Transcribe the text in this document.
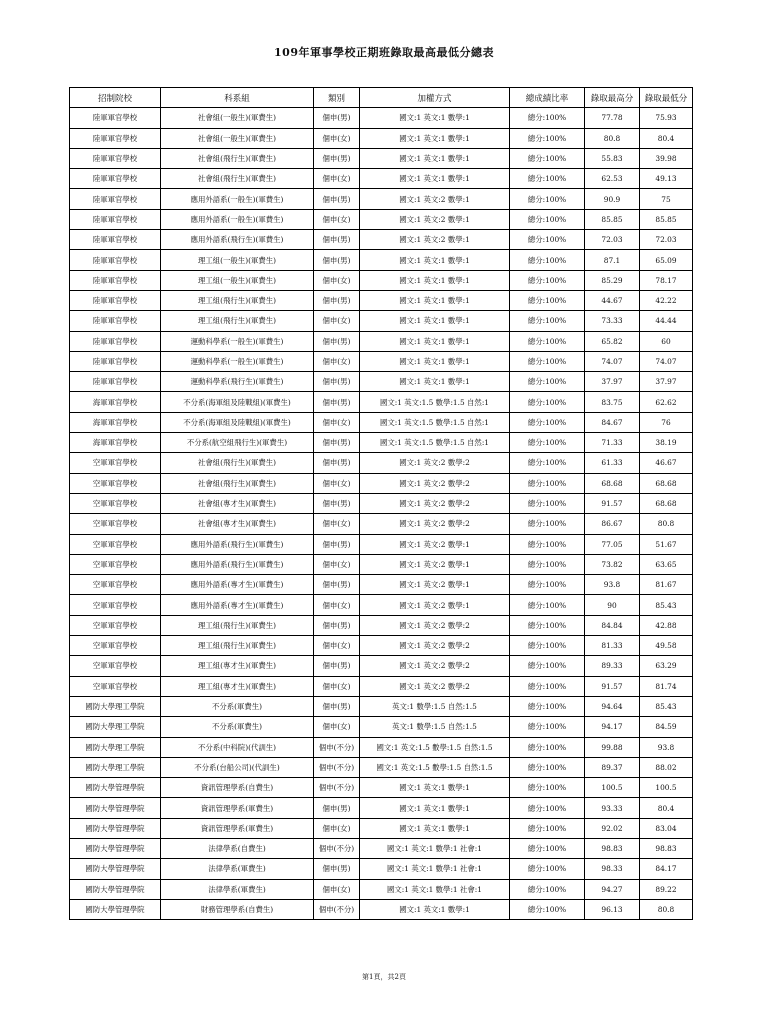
109年軍事學校正期班錄取最高最低分總表
招制院校	科系組	類別	加權方式	總成績比率	錄取最高分	錄取最低分
陸軍軍官學校	社會組(一般生)(軍費生)	個申(男)	國文:1 英文:1 數學:1	總分:100%	77.78	75.93
陸軍軍官學校	社會組(一般生)(軍費生)	個申(女)	國文:1 英文:1 數學:1	總分:100%	80.8	80.4
陸軍軍官學校	社會組(飛行生)(軍費生)	個申(男)	國文:1 英文:1 數學:1	總分:100%	55.83	39.98
陸軍軍官學校	社會組(飛行生)(軍費生)	個申(女)	國文:1 英文:1 數學:1	總分:100%	62.53	49.13
陸軍軍官學校	應用外語系(一般生)(軍費生)	個申(男)	國文:1 英文:2 數學:1	總分:100%	90.9	75
陸軍軍官學校	應用外語系(一般生)(軍費生)	個申(女)	國文:1 英文:2 數學:1	總分:100%	85.85	85.85
陸軍軍官學校	應用外語系(飛行生)(軍費生)	個申(男)	國文:1 英文:2 數學:1	總分:100%	72.03	72.03
陸軍軍官學校	理工組(一般生)(軍費生)	個申(男)	國文:1 英文:1 數學:1	總分:100%	87.1	65.09
陸軍軍官學校	理工組(一般生)(軍費生)	個申(女)	國文:1 英文:1 數學:1	總分:100%	85.29	78.17
陸軍軍官學校	理工組(飛行生)(軍費生)	個申(男)	國文:1 英文:1 數學:1	總分:100%	44.67	42.22
陸軍軍官學校	理工組(飛行生)(軍費生)	個申(女)	國文:1 英文:1 數學:1	總分:100%	73.33	44.44
陸軍軍官學校	運動科學系(一般生)(軍費生)	個申(男)	國文:1 英文:1 數學:1	總分:100%	65.82	60
陸軍軍官學校	運動科學系(一般生)(軍費生)	個申(女)	國文:1 英文:1 數學:1	總分:100%	74.07	74.07
陸軍軍官學校	運動科學系(飛行生)(軍費生)	個申(男)	國文:1 英文:1 數學:1	總分:100%	37.97	37.97
海軍軍官學校	不分系(海軍組及陸戰組)(軍費生)	個申(男)	國文:1 英文:1.5 數學:1.5 自然:1	總分:100%	83.75	62.62
海軍軍官學校	不分系(海軍組及陸戰組)(軍費生)	個申(女)	國文:1 英文:1.5 數學:1.5 自然:1	總分:100%	84.67	76
海軍軍官學校	不分系(航空組飛行生)(軍費生)	個申(男)	國文:1 英文:1.5 數學:1.5 自然:1	總分:100%	71.33	38.19
空軍軍官學校	社會組(飛行生)(軍費生)	個申(男)	國文:1 英文:2 數學:2	總分:100%	61.33	46.67
空軍軍官學校	社會組(飛行生)(軍費生)	個申(女)	國文:1 英文:2 數學:2	總分:100%	68.68	68.68
空軍軍官學校	社會組(專才生)(軍費生)	個申(男)	國文:1 英文:2 數學:2	總分:100%	91.57	68.68
空軍軍官學校	社會組(專才生)(軍費生)	個申(女)	國文:1 英文:2 數學:2	總分:100%	86.67	80.8
空軍軍官學校	應用外語系(飛行生)(軍費生)	個申(男)	國文:1 英文:2 數學:1	總分:100%	77.05	51.67
空軍軍官學校	應用外語系(飛行生)(軍費生)	個申(女)	國文:1 英文:2 數學:1	總分:100%	73.82	63.65
空軍軍官學校	應用外語系(專才生)(軍費生)	個申(男)	國文:1 英文:2 數學:1	總分:100%	93.8	81.67
空軍軍官學校	應用外語系(專才生)(軍費生)	個申(女)	國文:1 英文:2 數學:1	總分:100%	90	85.43
空軍軍官學校	理工組(飛行生)(軍費生)	個申(男)	國文:1 英文:2 數學:2	總分:100%	84.84	42.88
空軍軍官學校	理工組(飛行生)(軍費生)	個申(女)	國文:1 英文:2 數學:2	總分:100%	81.33	49.58
空軍軍官學校	理工組(專才生)(軍費生)	個申(男)	國文:1 英文:2 數學:2	總分:100%	89.33	63.29
空軍軍官學校	理工組(專才生)(軍費生)	個申(女)	國文:1 英文:2 數學:2	總分:100%	91.57	81.74
國防大學理工學院	不分系(軍費生)	個申(男)	英文:1 數學:1.5 自然:1.5	總分:100%	94.64	85.43
國防大學理工學院	不分系(軍費生)	個申(女)	英文:1 數學:1.5 自然:1.5	總分:100%	94.17	84.59
國防大學理工學院	不分系(中科院)(代訓生)	個申(不分)	國文:1 英文:1.5 數學:1.5 自然:1.5	總分:100%	99.88	93.8
國防大學理工學院	不分系(台船公司)(代訓生)	個申(不分)	國文:1 英文:1.5 數學:1.5 自然:1.5	總分:100%	89.37	88.02
國防大學管理學院	資訊管理學系(自費生)	個申(不分)	國文:1 英文:1 數學:1	總分:100%	100.5	100.5
國防大學管理學院	資訊管理學系(軍費生)	個申(男)	國文:1 英文:1 數學:1	總分:100%	93.33	80.4
國防大學管理學院	資訊管理學系(軍費生)	個申(女)	國文:1 英文:1 數學:1	總分:100%	92.02	83.04
國防大學管理學院	法律學系(自費生)	個申(不分)	國文:1 英文:1 數學:1 社會:1	總分:100%	98.83	98.83
國防大學管理學院	法律學系(軍費生)	個申(男)	國文:1 英文:1 數學:1 社會:1	總分:100%	98.33	84.17
國防大學管理學院	法律學系(軍費生)	個申(女)	國文:1 英文:1 數學:1 社會:1	總分:100%	94.27	89.22
國防大學管理學院	財務管理學系(自費生)	個申(不分)	國文:1 英文:1 數學:1	總分:100%	96.13	80.8
第1頁，共2頁
